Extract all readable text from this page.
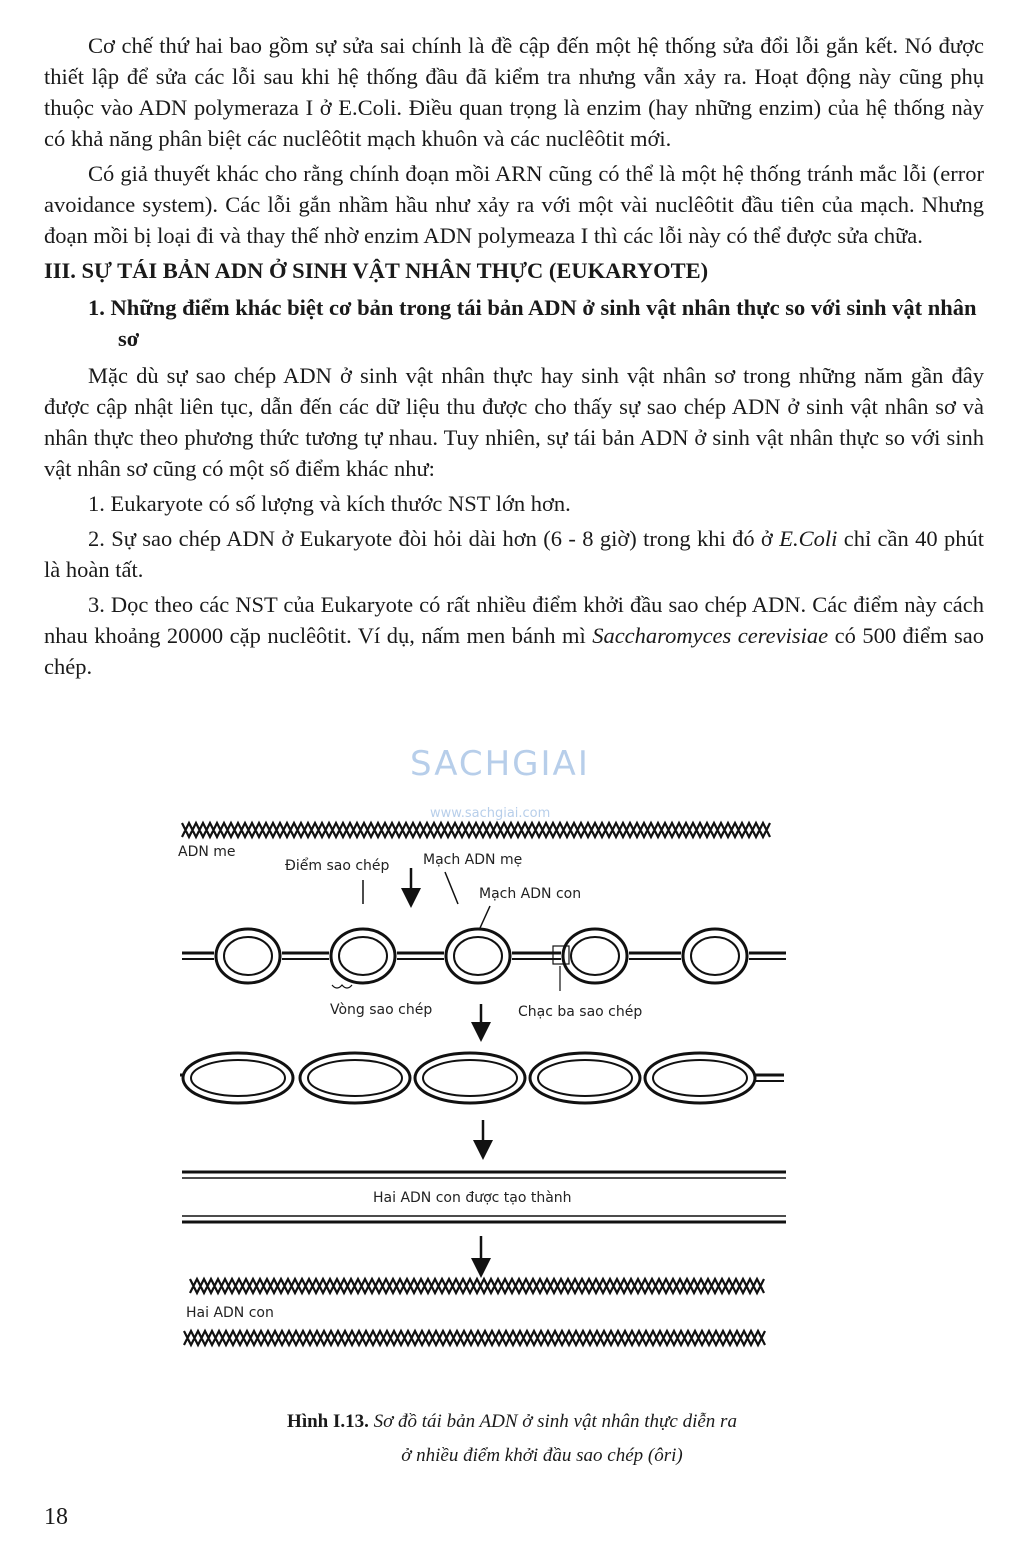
Cơ chế thứ hai bao gồm sự sửa sai chính là đề cập đến một hệ thống sửa đổi lỗi gắn kết. Nó được thiết lập để sửa các lỗi sau khi hệ thống đầu đã kiểm tra nhưng vẫn xảy ra. Hoạt động này cũng phụ thuộc vào ADN polymeraza I ở E.Coli. Điều quan trọng là enzim (hay những enzim) của hệ thống này có khả năng phân biệt các nuclêôtit mạch khuôn và các nuclêôtit mới.

Có giả thuyết khác cho rằng chính đoạn mồi ARN cũng có thể là một hệ thống tránh mắc lỗi (error avoidance system). Các lỗi gắn nhầm hầu như xảy ra với một vài nuclêôtit đầu tiên của mạch. Nhưng đoạn mồi bị loại đi và thay thế nhờ enzim ADN polymeaza I thì các lỗi này có thể được sửa chữa.

III. SỰ TÁI BẢN ADN Ở SINH VẬT NHÂN THỰC (EUKARYOTE)
1. Những điểm khác biệt cơ bản trong tái bản ADN ở sinh vật nhân thực so với sinh vật nhân sơ

Mặc dù sự sao chép ADN ở sinh vật nhân thực hay sinh vật nhân sơ trong những năm gần đây được cập nhật liên tục, dẫn đến các dữ liệu thu được cho thấy sự sao chép ADN ở sinh vật nhân sơ và nhân thực theo phương thức tương tự nhau. Tuy nhiên, sự tái bản ADN ở sinh vật nhân thực so với sinh vật nhân sơ cũng có một số điểm khác như:

1. Eukaryote có số lượng và kích thước NST lớn hơn.

2. Sự sao chép ADN ở Eukaryote đòi hỏi dài hơn (6 - 8 giờ) trong khi đó ở E.Coli chỉ cần 40 phút là hoàn tất.

3. Dọc theo các NST của Eukaryote có rất nhiều điểm khởi đầu sao chép ADN. Các điểm này cách nhau khoảng 20000 cặp nuclêôtit. Ví dụ, nấm men bánh mì Saccharomyces cerevisiae có 500 điểm sao chép.

SACHGIAI
www.sachgiai.com
ADN me
Điểm sao chép Mạch ADN mẹ
Mạch ADN con
Vòng sao chép	Chạc ba sao chép
Hai ADN con được tạo thành
Hai ADN con
Hình I.13. Sơ đồ tái bản ADN ở sinh vật nhân thực diễn ra
ở nhiều điểm khởi đầu sao chép (ôri)
18
